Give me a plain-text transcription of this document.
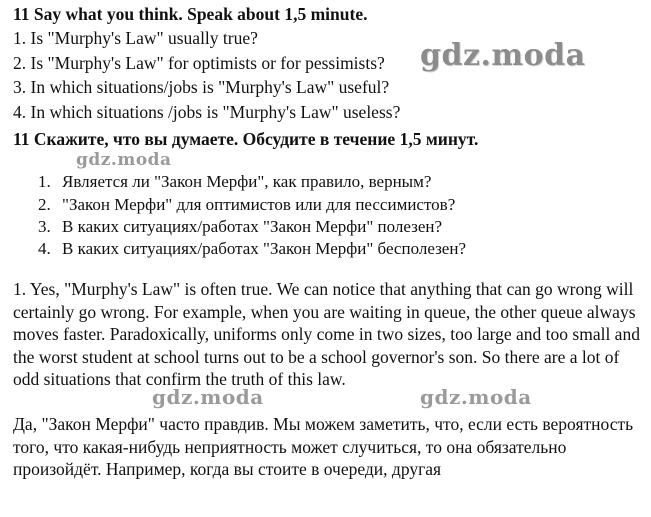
11 Say what you think. Speak about 1,5 minute.
1. Is "Murphy's Law" usually true?
2. Is "Murphy's Law" for optimists or for pessimists?
3. In which situations/jobs is "Murphy's Law" useful?
4. In which situations /jobs is "Murphy's Law" useless?
11 Скажите, что вы думаете. Обсудите в течение 1,5 минут.
1. Является ли "Закон Мерфи", как правило, верным?
2. "Закон Мерфи" для оптимистов или для пессимистов?
3. В каких ситуациях/работах "Закон Мерфи" полезен?
4. В каких ситуациях/работах "Закон Мерфи" бесполезен?
1. Yes, "Murphy's Law" is often true. We can notice that anything that can go wrong will certainly go wrong. For example, when you are waiting in queue, the other queue always moves faster. Paradoxically, uniforms only come in two sizes, too large and too small and the worst student at school turns out to be a school governor's son. So there are a lot of odd situations that confirm the truth of this law.
Да, "Закон Мерфи" часто правдив. Мы можем заметить, что, если есть вероятность того, что какая-нибудь неприятность может случиться, то она обязательно произойдёт. Например, когда вы стоите в очереди, другая
gdz.moda
gdz.moda
gdz.moda	gdz.moda
